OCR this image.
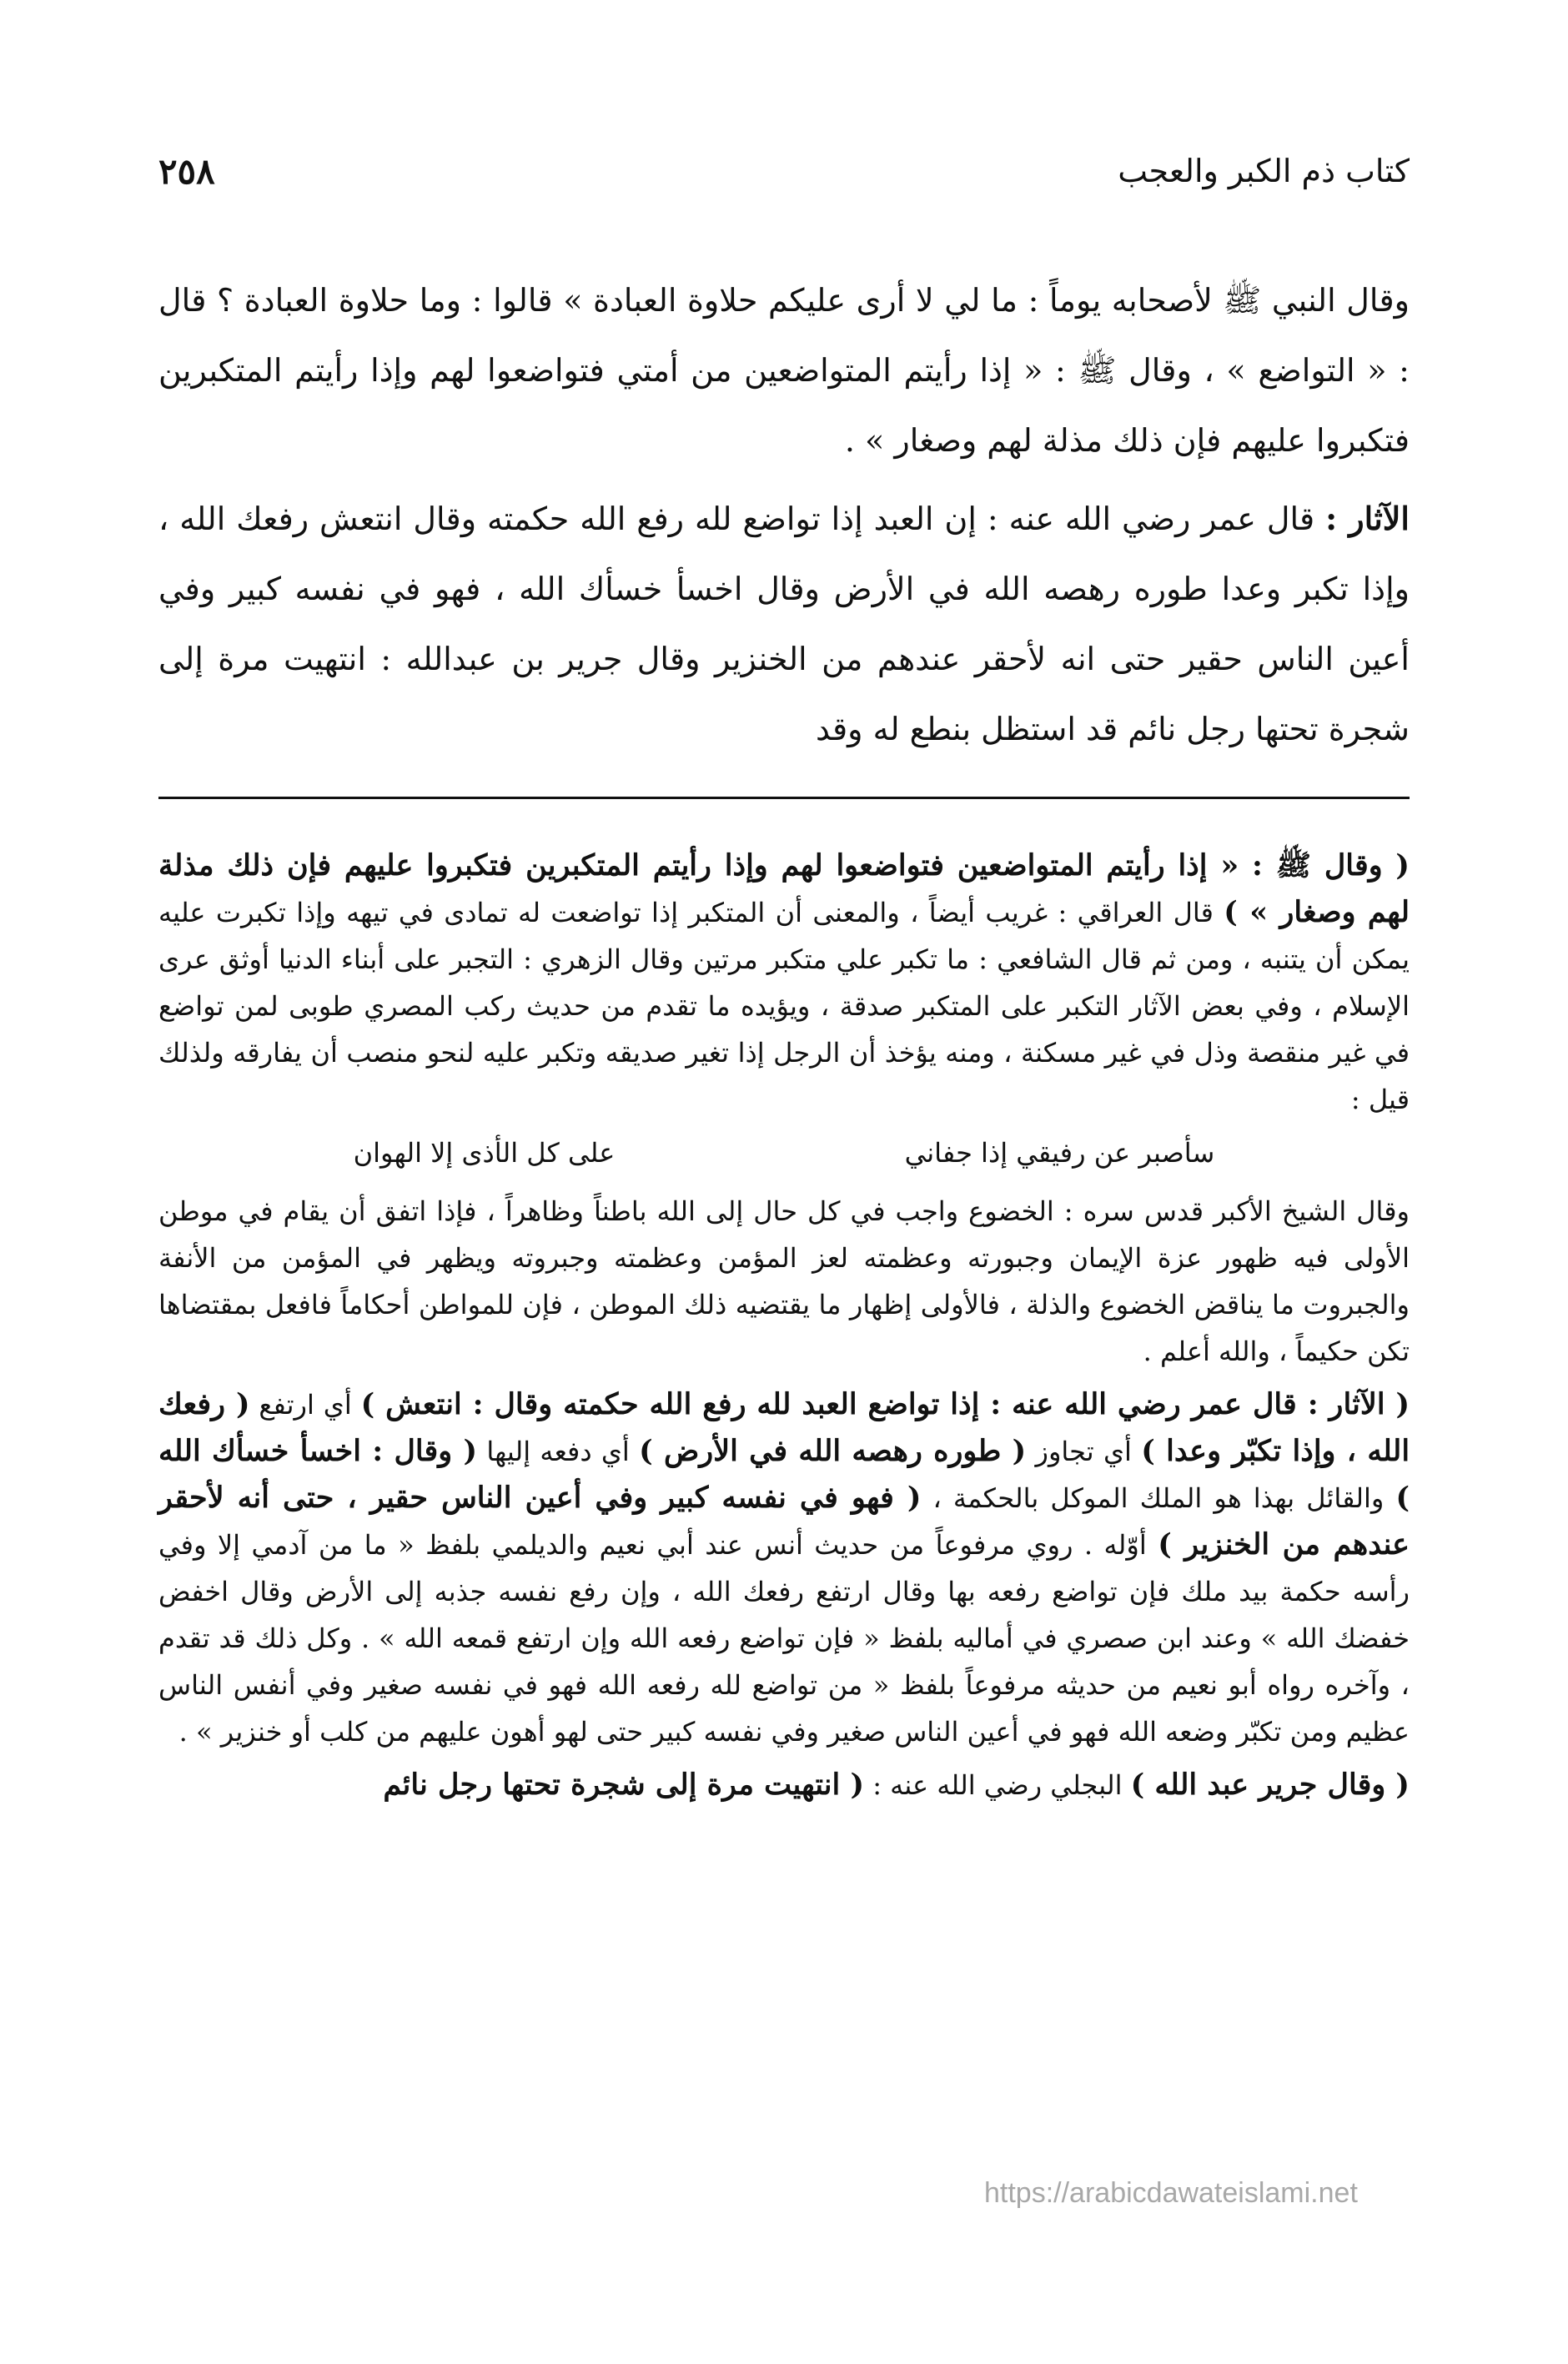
كتاب ذم الكبر والعجب
٢٥٨

وقال النبي ﷺ لأصحابه يوماً : ما لي لا أرى عليكم حلاوة العبادة » قالوا : وما حلاوة العبادة ؟ قال : « التواضع » ، وقال ﷺ : « إذا رأيتم المتواضعين من أمتي فتواضعوا لهم وإذا رأيتم المتكبرين فتكبروا عليهم فإن ذلك مذلة لهم وصغار » .

الآثار : قال عمر رضي الله عنه : إن العبد إذا تواضع لله رفع الله حكمته وقال انتعش رفعك الله ، وإذا تكبر وعدا طوره رهصه الله في الأرض وقال اخسأ خسأك الله ، فهو في نفسه كبير وفي أعين الناس حقير حتى انه لأحقر عندهم من الخنزير وقال جرير بن عبدالله : انتهيت مرة إلى شجرة تحتها رجل نائم قد استظل بنطع له وقد

( وقال ﷺ : « إذا رأيتم المتواضعين فتواضعوا لهم وإذا رأيتم المتكبرين فتكبروا عليهم فإن ذلك مذلة لهم وصغار » ) قال العراقي : غريب أيضاً ، والمعنى أن المتكبر إذا تواضعت له تمادى في تيهه وإذا تكبرت عليه يمكن أن يتنبه ، ومن ثم قال الشافعي : ما تكبر علي متكبر مرتين وقال الزهري : التجبر على أبناء الدنيا أوثق عرى الإسلام ، وفي بعض الآثار التكبر على المتكبر صدقة ، ويؤيده ما تقدم من حديث ركب المصري طوبى لمن تواضع في غير منقصة وذل في غير مسكنة ، ومنه يؤخذ أن الرجل إذا تغير صديقه وتكبر عليه لنحو منصب أن يفارقه ولذلك قيل :

سأصبر عن رفيقي إذا جفاني
على كل الأذى إلا الهوان

وقال الشيخ الأكبر قدس سره : الخضوع واجب في كل حال إلى الله باطناً وظاهراً ، فإذا اتفق أن يقام في موطن الأولى فيه ظهور عزة الإيمان وجبورته وعظمته لعز المؤمن وعظمته وجبروته ويظهر في المؤمن من الأنفة والجبروت ما يناقض الخضوع والذلة ، فالأولى إظهار ما يقتضيه ذلك الموطن ، فإن للمواطن أحكاماً فافعل بمقتضاها تكن حكيماً ، والله أعلم .

( الآثار : قال عمر رضي الله عنه : إذا تواضع العبد لله رفع الله حكمته وقال : انتعش ) أي ارتفع ( رفعك الله ، وإذا تكبّر وعدا ) أي تجاوز ( طوره رهصه الله في الأرض ) أي دفعه إليها ( وقال : اخسأ خسأك الله ) والقائل بهذا هو الملك الموكل بالحكمة ، ( فهو في نفسه كبير وفي أعين الناس حقير ، حتى أنه لأحقر عندهم من الخنزير ) أوّله . روي مرفوعاً من حديث أنس عند أبي نعيم والديلمي بلفظ « ما من آدمي إلا وفي رأسه حكمة بيد ملك فإن تواضع رفعه بها وقال ارتفع رفعك الله ، وإن رفع نفسه جذبه إلى الأرض وقال اخفض خفضك الله » وعند ابن صصري في أماليه بلفظ « فإن تواضع رفعه الله وإن ارتفع قمعه الله » . وكل ذلك قد تقدم ، وآخره رواه أبو نعيم من حديثه مرفوعاً بلفظ « من تواضع لله رفعه الله فهو في نفسه صغير وفي أنفس الناس عظيم ومن تكبّر وضعه الله فهو في أعين الناس صغير وفي نفسه كبير حتى لهو أهون عليهم من كلب أو خنزير » .

( وقال جرير عبد الله ) البجلي رضي الله عنه : ( انتهيت مرة إلى شجرة تحتها رجل نائم

https://arabicdawateislami.net
